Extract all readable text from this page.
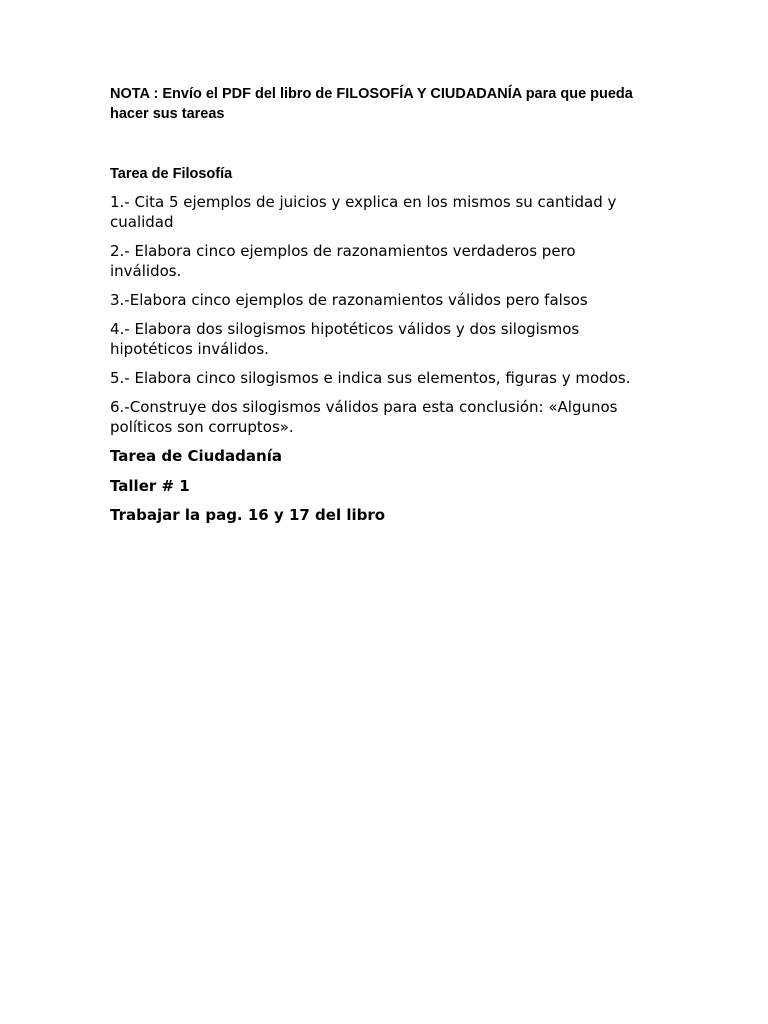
NOTA : Envío el PDF del libro de FILOSOFÍA Y CIUDADANÍA para que pueda hacer sus tareas

Tarea de Filosofía

1.- Cita 5 ejemplos de juicios y explica en los mismos su cantidad y cualidad

2.- Elabora cinco ejemplos de razonamientos verdaderos pero inválidos.

3.-Elabora cinco ejemplos de razonamientos válidos pero falsos

4.- Elabora dos silogismos hipotéticos válidos y dos silogismos hipotéticos inválidos.

5.- Elabora cinco silogismos e indica sus elementos, figuras y modos.

6.-Construye dos silogismos válidos para esta conclusión: «Algunos políticos son corruptos».

Tarea de Ciudadanía

Taller # 1

Trabajar la pag. 16 y 17 del libro
